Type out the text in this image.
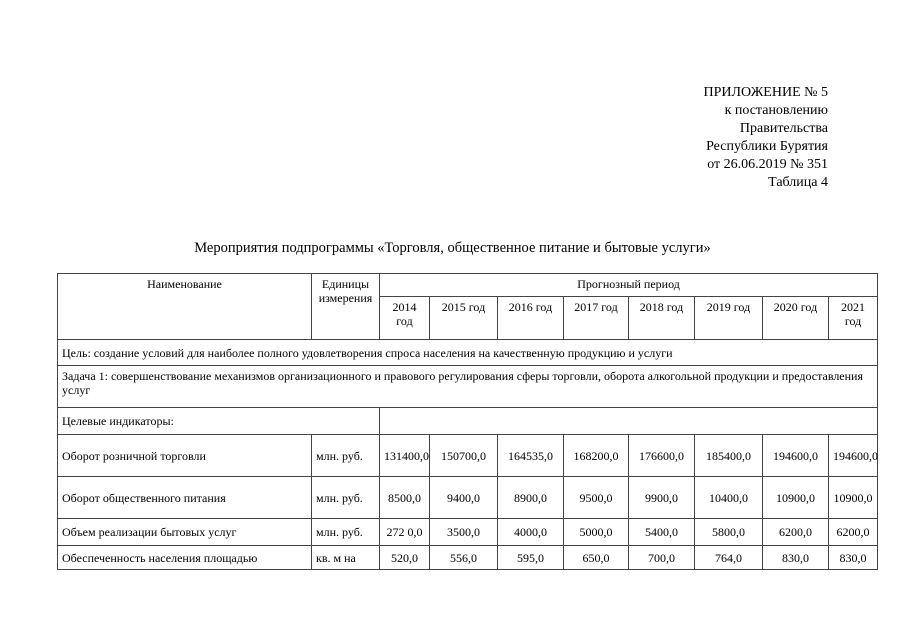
ПРИЛОЖЕНИЕ № 5
к постановлению
Правительства
Республики Бурятия
от 26.06.2019 № 351
Таблица 4
Мероприятия подпрограммы «Торговля, общественное питание и бытовые услуги»
Наименование	Единицы измерения	Прогнозный период							
		2014 год	2015 год	2016 год	2017 год	2018 год	2019 год	2020 год	2021 год
Цель: создание условий для наиболее полного удовлетворения спроса населения на качественную продукцию и услуги									
Задача 1: совершенствование механизмов организационного и правового регулирования сферы торговли, оборота алкогольной продукции и предоставления услуг									
Целевые индикаторы:									
Оборот розничной торговли	млн. руб.	131400,0	150700,0	164535,0	168200,0	176600,0	185400,0	194600,0	194600,0
Оборот общественного питания	млн. руб.	8500,0	9400,0	8900,0	9500,0	9900,0	10400,0	10900,0	10900,0
Объем реализации бытовых услуг	млн. руб.	272 0,0	3500,0	4000,0	5000,0	5400,0	5800,0	6200,0	6200,0
Обеспеченность населения площадью	кв. м на	520,0	556,0	595,0	650,0	700,0	764,0	830,0	830,0
